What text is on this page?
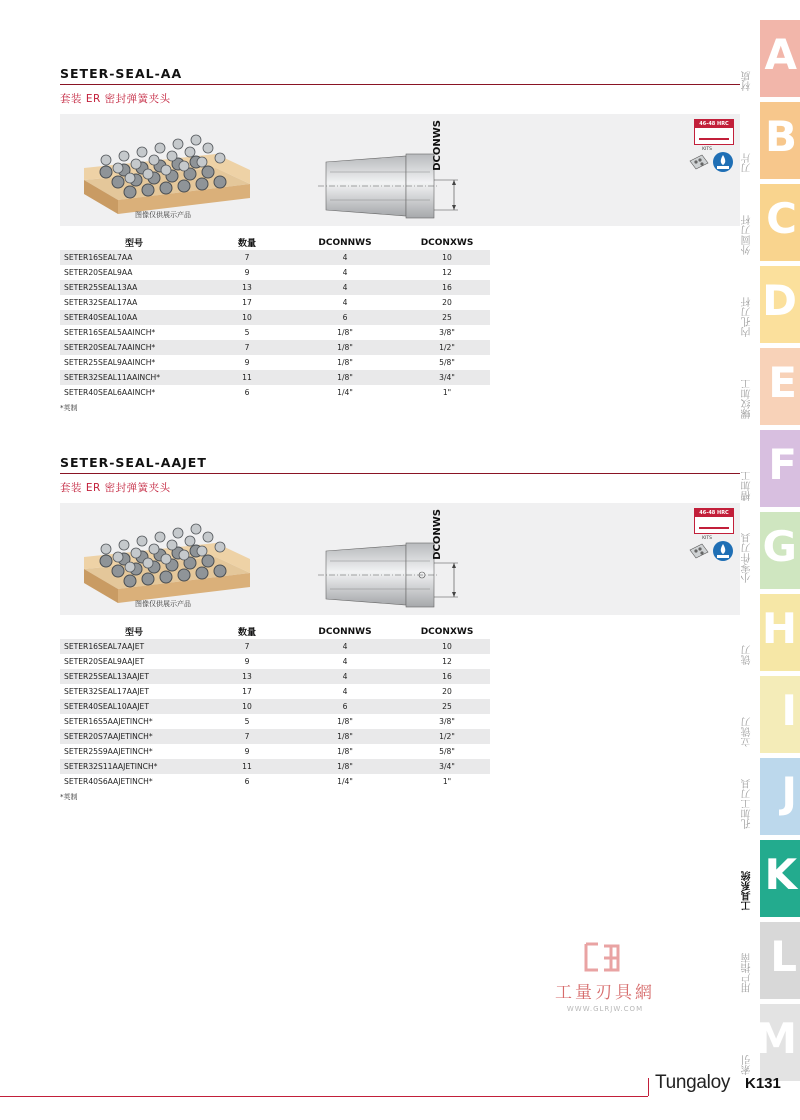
SETER-SEAL-AA
套装 ER 密封弹簧夹头
图像仅供展示产品
DCONWS	46-48 HRC
KITS
型号	数量	DCONNWS	DCONXWS
SETER16SEAL7AA	7	4	10
SETER20SEAL9AA	9	4	12
SETER25SEAL13AA	13	4	16
SETER32SEAL17AA	17	4	20
SETER40SEAL10AA	10	6	25
SETER16SEAL5AAINCH*	5	1/8"	3/8"
SETER20SEAL7AAINCH*	7	1/8"	1/2"
SETER25SEAL9AAINCH*	9	1/8"	5/8"
SETER32SEAL11AAINCH*	11	1/8"	3/4"
SETER40SEAL6AAINCH*	6	1/4"	1"
*英制
SETER-SEAL-AAJET
套装 ER 密封弹簧夹头
图像仅供展示产品
DCONWS	46-48 HRC
KITS
型号	数量	DCONNWS	DCONXWS
SETER16SEAL7AAJET	7	4	10
SETER20SEAL9AAJET	9	4	12
SETER25SEAL13AAJET	13	4	16
SETER32SEAL17AAJET	17	4	20
SETER40SEAL10AAJET	10	6	25
SETER16S5AAJETINCH*	5	1/8"	3/8"
SETER20S7AAJETINCH*	7	1/8"	1/2"
SETER25S9AAJETINCH*	9	1/8"	5/8"
SETER32S11AAJETINCH*	11	1/8"	3/4"
SETER40S6AAJETINCH*	6	1/4"	1"
*英制
A
材质
B
刀片
C
外圆刀杆
D
内孔刀杆
E
螺纹加工
F
槽加工
G
小零件刀具
H
铣刀
I
立铣刀
J
孔加工刀具
K
工具系统
L
用户指南
M
索引
工量刃具網
WWW.GLRJW.COM
Tungaloy K131
